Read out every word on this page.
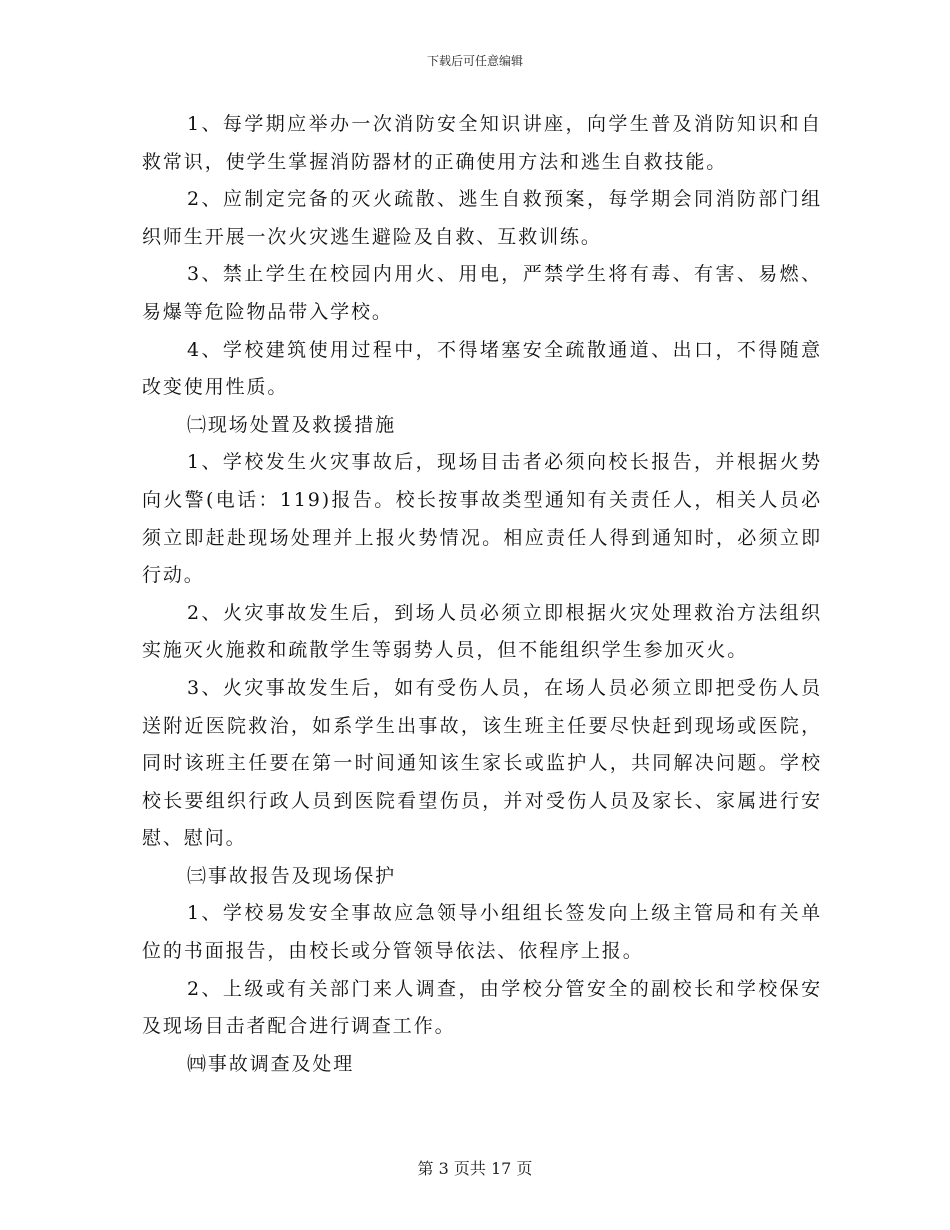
下载后可任意编辑

1、每学期应举办一次消防安全知识讲座，向学生普及消防知识和自救常识，使学生掌握消防器材的正确使用方法和逃生自救技能。

2、应制定完备的灭火疏散、逃生自救预案，每学期会同消防部门组织师生开展一次火灾逃生避险及自救、互救训练。

3、禁止学生在校园内用火、用电，严禁学生将有毒、有害、易燃、易爆等危险物品带入学校。

4、学校建筑使用过程中，不得堵塞安全疏散通道、出口，不得随意改变使用性质。

㈡现场处置及救援措施

1、学校发生火灾事故后，现场目击者必须向校长报告，并根据火势向火警(电话：119)报告。校长按事故类型通知有关责任人，相关人员必须立即赶赴现场处理并上报火势情况。相应责任人得到通知时，必须立即行动。

2、火灾事故发生后，到场人员必须立即根据火灾处理救治方法组织实施灭火施救和疏散学生等弱势人员，但不能组织学生参加灭火。

3、火灾事故发生后，如有受伤人员，在场人员必须立即把受伤人员送附近医院救治，如系学生出事故，该生班主任要尽快赶到现场或医院，同时该班主任要在第一时间通知该生家长或监护人，共同解决问题。学校校长要组织行政人员到医院看望伤员，并对受伤人员及家长、家属进行安慰、慰问。

㈢事故报告及现场保护

1、学校易发安全事故应急领导小组组长签发向上级主管局和有关单位的书面报告，由校长或分管领导依法、依程序上报。

2、上级或有关部门来人调查，由学校分管安全的副校长和学校保安及现场目击者配合进行调查工作。

㈣事故调查及处理

第 3 页共 17 页
